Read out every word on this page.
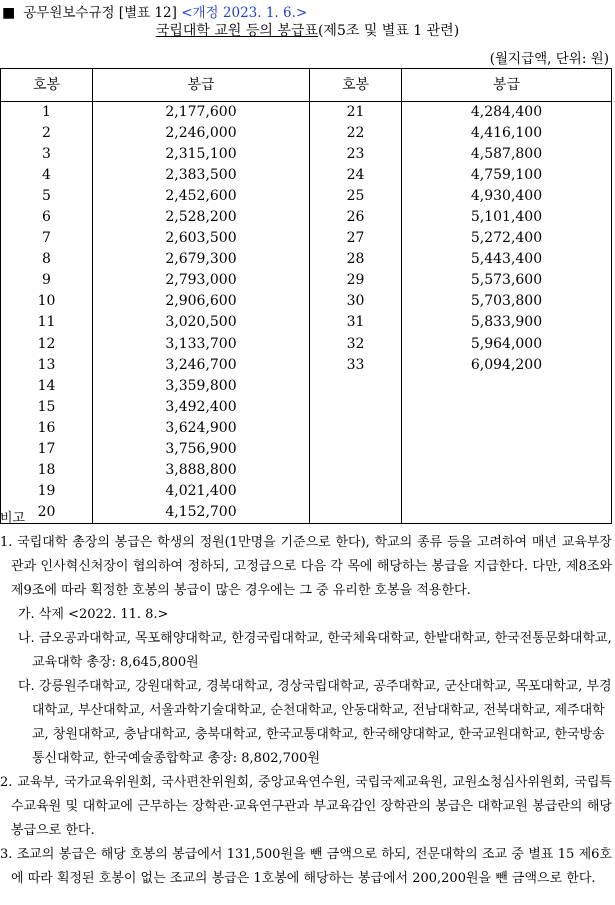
■ 공무원보수규정 [별표 12] <개정 2023. 1. 6.>
국립대학 교원 등의 봉급표(제5조 및 별표 1 관련)
(월지급액, 단위: 원)
호봉	봉급	호봉	봉급
1	2,177,600	21	4,284,400
2	2,246,000	22	4,416,100
3	2,315,100	23	4,587,800
4	2,383,500	24	4,759,100
5	2,452,600	25	4,930,400
6	2,528,200	26	5,101,400
7	2,603,500	27	5,272,400
8	2,679,300	28	5,443,400
9	2,793,000	29	5,573,600
10	2,906,600	30	5,703,800
11	3,020,500	31	5,833,900
12	3,133,700	32	5,964,000
13	3,246,700	33	6,094,200
14	3,359,800		
15	3,492,400		
16	3,624,900		
17	3,756,900		
18	3,888,800		
19	4,021,400		
20	4,152,700		

비고

1. 국립대학 총장의 봉급은 학생의 정원(1만명을 기준으로 한다), 학교의 종류 등을 고려하여 매년 교육부장관과 인사혁신처장이 협의하여 정하되, 고정급으로 다음 각 목에 해당하는 봉급을 지급한다. 다만, 제8조와 제9조에 따라 획정한 호봉의 봉급이 많은 경우에는 그 중 유리한 호봉을 적용한다.

가. 삭제 <2022. 11. 8.>

나. 금오공과대학교, 목포해양대학교, 한경국립대학교, 한국체육대학교, 한밭대학교, 한국전통문화대학교, 교육대학 총장: 8,645,800원

다. 강릉원주대학교, 강원대학교, 경북대학교, 경상국립대학교, 공주대학교, 군산대학교, 목포대학교, 부경대학교, 부산대학교, 서울과학기술대학교, 순천대학교, 안동대학교, 전남대학교, 전북대학교, 제주대학교, 창원대학교, 충남대학교, 충북대학교, 한국교통대학교, 한국해양대학교, 한국교원대학교, 한국방송통신대학교, 한국예술종합학교 총장: 8,802,700원

2. 교육부, 국가교육위원회, 국사편찬위원회, 중앙교육연수원, 국립국제교육원, 교원소청심사위원회, 국립특수교육원 및 대학교에 근무하는 장학관·교육연구관과 부교육감인 장학관의 봉급은 대학교원 봉급란의 해당 봉급으로 한다.

3. 조교의 봉급은 해당 호봉의 봉급에서 131,500원을 뺀 금액으로 하되, 전문대학의 조교 중 별표 15 제6호에 따라 획정된 호봉이 없는 조교의 봉급은 1호봉에 해당하는 봉급에서 200,200원을 뺀 금액으로 한다.
